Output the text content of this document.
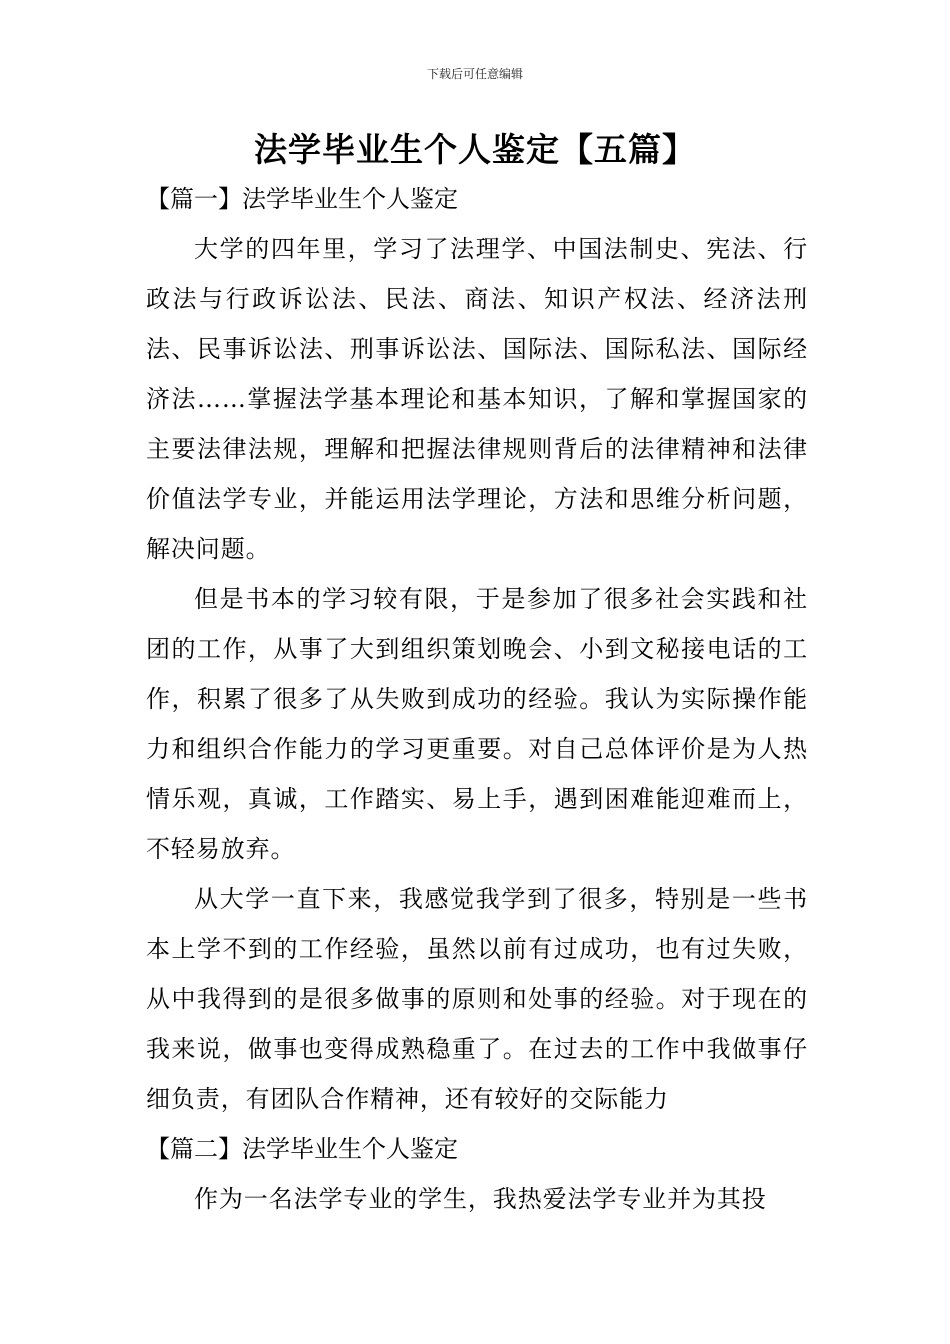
下载后可任意编辑
法学毕业生个人鉴定【五篇】
【篇一】法学毕业生个人鉴定

大学的四年里，学习了法理学、中国法制史、宪法、行政法与行政诉讼法、民法、商法、知识产权法、经济法刑法、民事诉讼法、刑事诉讼法、国际法、国际私法、国际经济法……掌握法学基本理论和基本知识，了解和掌握国家的主要法律法规，理解和把握法律规则背后的法律精神和法律价值法学专业，并能运用法学理论，方法和思维分析问题，解决问题。

但是书本的学习较有限，于是参加了很多社会实践和社团的工作，从事了大到组织策划晚会、小到文秘接电话的工作，积累了很多了从失败到成功的经验。我认为实际操作能力和组织合作能力的学习更重要。对自己总体评价是为人热情乐观，真诚，工作踏实、易上手，遇到困难能迎难而上，不轻易放弃。

从大学一直下来，我感觉我学到了很多，特别是一些书本上学不到的工作经验，虽然以前有过成功，也有过失败，从中我得到的是很多做事的原则和处事的经验。对于现在的我来说，做事也变得成熟稳重了。在过去的工作中我做事仔细负责，有团队合作精神，还有较好的交际能力

【篇二】法学毕业生个人鉴定

作为一名法学专业的学生，我热爱法学专业并为其投
